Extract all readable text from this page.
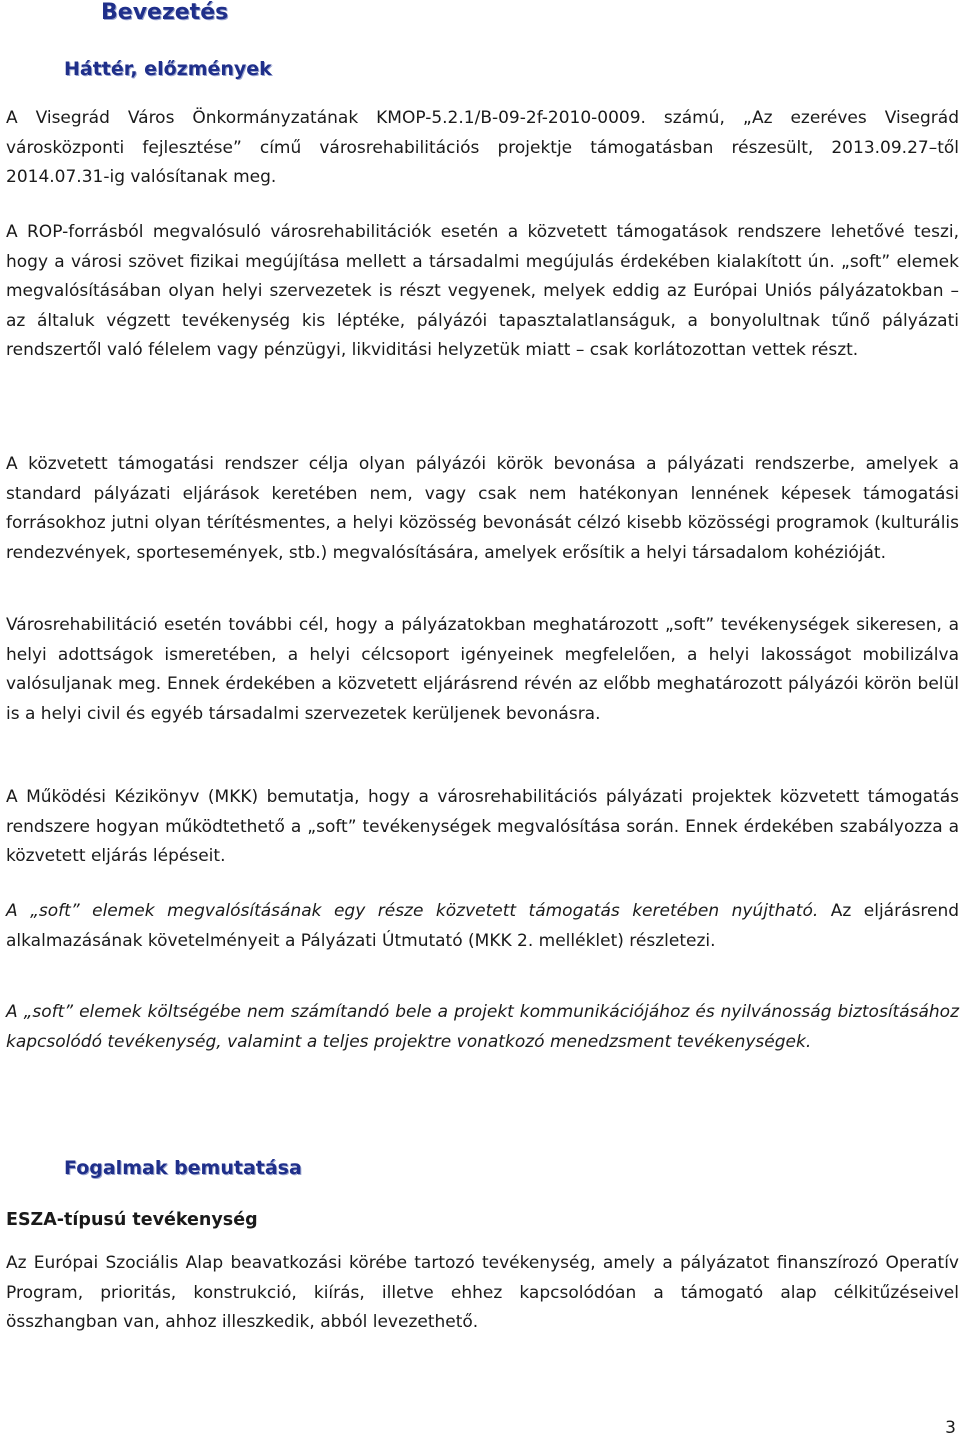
Bevezetés
Háttér, előzmények

A Visegrád Város Önkormányzatának KMOP-5.2.1/B-09-2f-2010-0009. számú, „Az ezeréves Visegrád városközponti fejlesztése” című városrehabilitációs projektje támogatásban részesült, 2013.09.27–től 2014.07.31-ig valósítanak meg.

A ROP-forrásból megvalósuló városrehabilitációk esetén a közvetett támogatások rendszere lehetővé teszi, hogy a városi szövet fizikai megújítása mellett a társadalmi megújulás érdekében kialakított ún. „soft” elemek megvalósításában olyan helyi szervezetek is részt vegyenek, melyek eddig az Európai Uniós pályázatokban – az általuk végzett tevékenység kis léptéke, pályázói tapasztalatlanságuk, a bonyolultnak tűnő pályázati rendszertől való félelem vagy pénzügyi, likviditási helyzetük miatt – csak korlátozottan vettek részt.

A közvetett támogatási rendszer célja olyan pályázói körök bevonása a pályázati rendszerbe, amelyek a standard pályázati eljárások keretében nem, vagy csak nem hatékonyan lennének képesek támogatási forrásokhoz jutni olyan térítésmentes, a helyi közösség bevonását célzó kisebb közösségi programok (kulturális rendezvények, sportesemények, stb.) megvalósítására, amelyek erősítik a helyi társadalom kohézióját.

Városrehabilitáció esetén további cél, hogy a pályázatokban meghatározott „soft” tevékenységek sikeresen, a helyi adottságok ismeretében, a helyi célcsoport igényeinek megfelelően, a helyi lakosságot mobilizálva valósuljanak meg. Ennek érdekében a közvetett eljárásrend révén az előbb meghatározott pályázói körön belül is a helyi civil és egyéb társadalmi szervezetek kerüljenek bevonásra.

A Működési Kézikönyv (MKK) bemutatja, hogy a városrehabilitációs pályázati projektek közvetett támogatás rendszere hogyan működtethető a „soft” tevékenységek megvalósítása során. Ennek érdekében szabályozza a közvetett eljárás lépéseit.

A „soft” elemek megvalósításának egy része közvetett támogatás keretében nyújtható. Az eljárásrend alkalmazásának követelményeit a Pályázati Útmutató (MKK 2. melléklet) részletezi.

A „soft” elemek költségébe nem számítandó bele a projekt kommunikációjához és nyilvánosság biztosításához kapcsolódó tevékenység, valamint a teljes projektre vonatkozó menedzsment tevékenységek.

Fogalmak bemutatása
ESZA-típusú tevékenység

Az Európai Szociális Alap beavatkozási körébe tartozó tevékenység, amely a pályázatot finanszírozó Operatív Program, prioritás, konstrukció, kiírás, illetve ehhez kapcsolódóan a támogató alap célkitűzéseivel összhangban van, ahhoz illeszkedik, abból levezethető.

3
